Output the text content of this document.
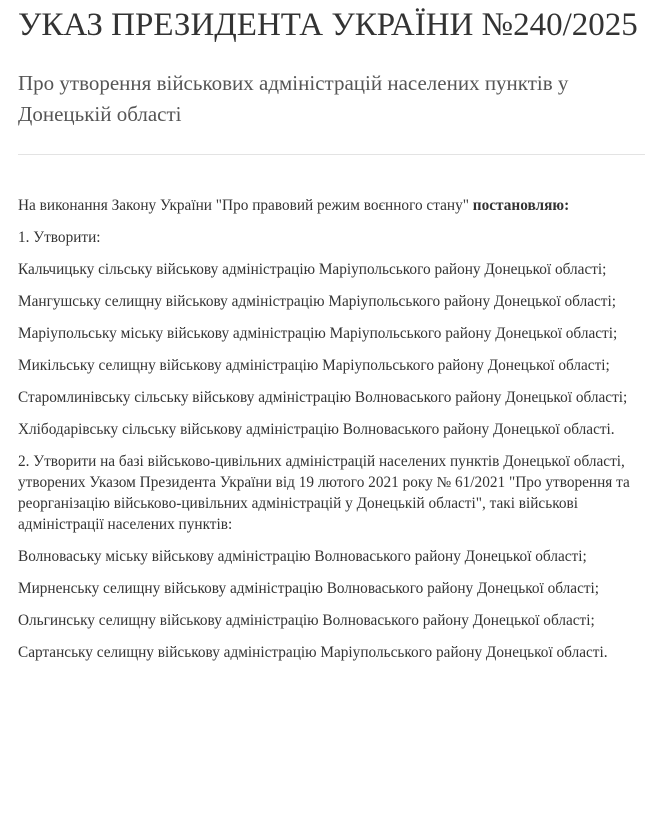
УКАЗ ПРЕЗИДЕНТА УКРАЇНИ №240/2025
Про утворення військових адміністрацій населених пунктів у Донецькій області

На виконання Закону України "Про правовий режим воєнного стану" постановляю:

1. Утворити:

Кальчицьку сільську військову адміністрацію Маріупольського району Донецької області;

Мангушську селищну військову адміністрацію Маріупольського району Донецької області;

Маріупольську міську військову адміністрацію Маріупольського району Донецької області;

Микільську селищну військову адміністрацію Маріупольського району Донецької області;

Старомлинівську сільську військову адміністрацію Волноваського району Донецької області;

Хлібодарівську сільську військову адміністрацію Волноваського району Донецької області.

2. Утворити на базі військово-цивільних адміністрацій населених пунктів Донецької області, утворених Указом Президента України від 19 лютого 2021 року № 61/2021 "Про утворення та реорганізацію військово-цивільних адміністрацій у Донецькій області", такі військові адміністрації населених пунктів:

Волноваську міську військову адміністрацію Волноваського району Донецької області;

Мирненську селищну військову адміністрацію Волноваського району Донецької області;

Ольгинську селищну військову адміністрацію Волноваського району Донецької області;

Сартанську селищну військову адміністрацію Маріупольського району Донецької області.
